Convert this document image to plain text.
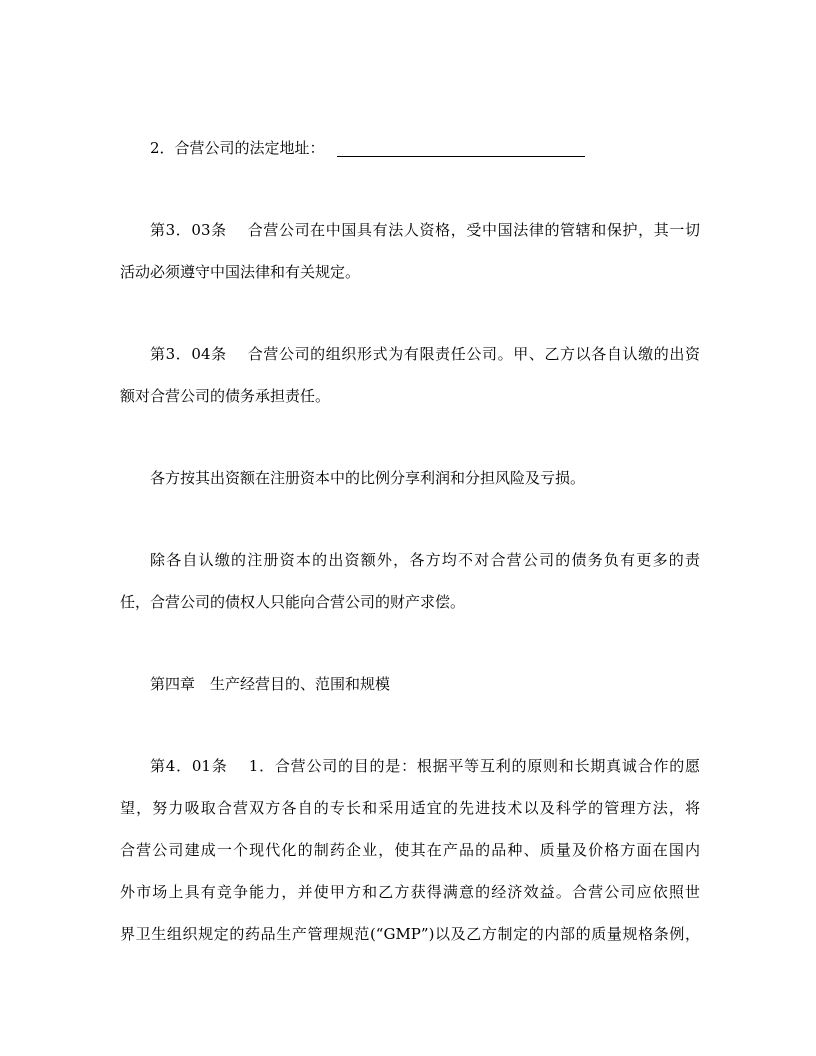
2．合营公司的法定地址：
第3．03条　 合营公司在中国具有法人资格，受中国法律的管辖和保护，其一切
活动必须遵守中国法律和有关规定。
第3．04条　 合营公司的组织形式为有限责任公司。甲、乙方以各自认缴的出资
额对合营公司的债务承担责任。
各方按其出资额在注册资本中的比例分享利润和分担风险及亏损。
除各自认缴的注册资本的出资额外，各方均不对合营公司的债务负有更多的责
任，合营公司的债权人只能向合营公司的财产求偿。
第四章　生产经营目的、范围和规模
第4．01条　 1．合营公司的目的是：根据平等互利的原则和长期真诚合作的愿
望，努力吸取合营双方各自的专长和采用适宜的先进技术以及科学的管理方法，将
合营公司建成一个现代化的制药企业，使其在产品的品种、质量及价格方面在国内
外市场上具有竞争能力，并使甲方和乙方获得满意的经济效益。合营公司应依照世
界卫生组织规定的药品生产管理规范(“GMP”)以及乙方制定的内部的质量规格条例，
